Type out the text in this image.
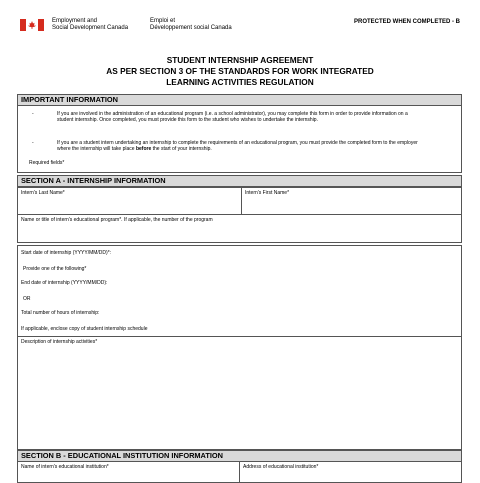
Employment and
Social Development Canada
Emploi et
Développement social Canada
PROTECTED WHEN COMPLETED - B
STUDENT INTERNSHIP AGREEMENT
AS PER SECTION 3 OF THE STANDARDS FOR WORK INTEGRATED
LEARNING ACTIVITIES REGULATION
IMPORTANT INFORMATION
-	If you are involved in the administration of an educational program (i.e. a school administrator), you may complete this form in order to provide information on a student internship. Once completed, you must provide this form to the student who wishes to undertake the internship.
-	If you are a student intern undertaking an internship to complete the requirements of an educational program, you must provide the completed form to the employer where the internship will take place before the start of your internship.
Required fields*
SECTION A - INTERNSHIP INFORMATION
Intern's Last Name*	Intern's First Name*
Name or title of intern's educational program*. If applicable, the number of the program
Start date of internship (YYYY/MM/DD)*:
Provide one of the following*
End date of internship (YYYY/MM/DD):
OR
Total number of hours of internship:
If applicable, enclose copy of student internship schedule
Description of internship activities*
SECTION B - EDUCATIONAL INSTITUTION INFORMATION
Name of intern's educational institution*	Address of educational institution*
